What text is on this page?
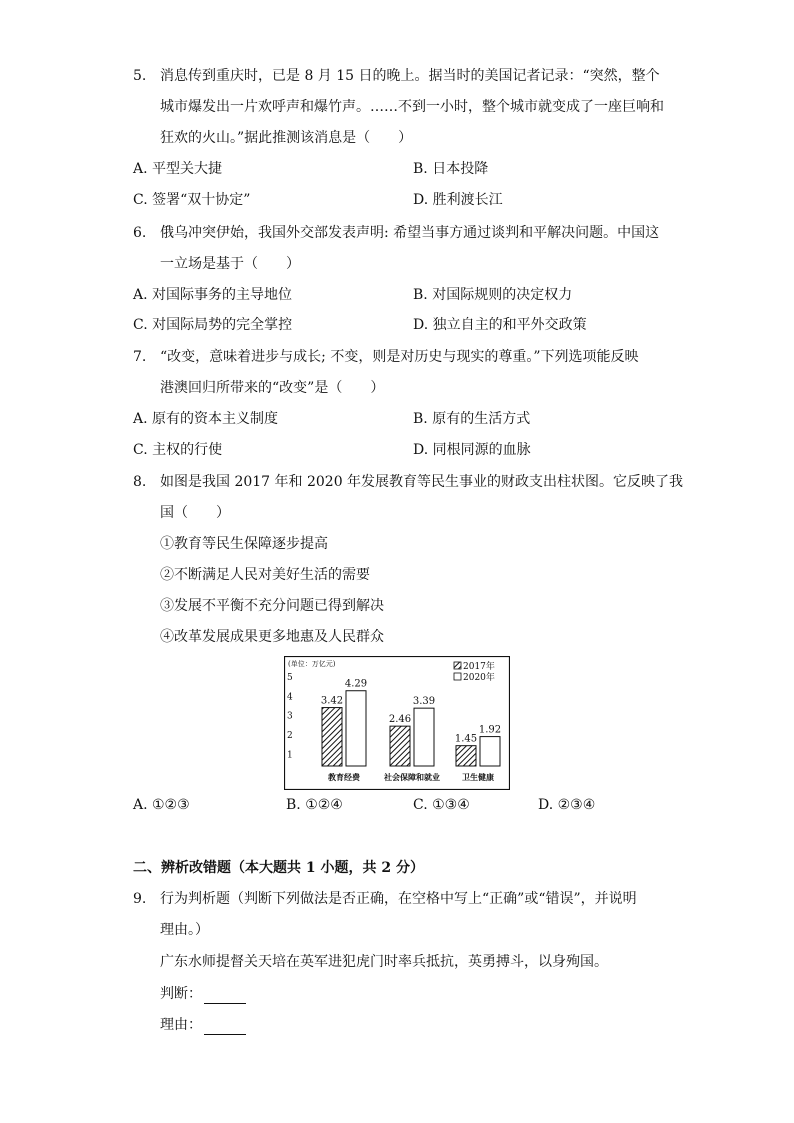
5. 消息传到重庆时，已是 8 月 15 日的晚上。据当时的美国记者记录：“突然，整个
城市爆发出一片欢呼声和爆竹声。……不到一小时，整个城市就变成了一座巨响和
狂欢的火山。”据此推测该消息是（　　）
A. 平型关大捷	B. 日本投降
C. 签署“双十协定”	D. 胜利渡长江
6. 俄乌冲突伊始，我国外交部发表声明: 希望当事方通过谈判和平解决问题。中国这
一立场是基于（　　）
A. 对国际事务的主导地位	B. 对国际规则的决定权力
C. 对国际局势的完全掌控	D. 独立自主的和平外交政策
7. “改变，意味着进步与成长; 不变，则是对历史与现实的尊重。”下列选项能反映
港澳回归所带来的“改变”是（　　）
A. 原有的资本主义制度	B. 原有的生活方式
C. 主权的行使	D. 同根同源的血脉
8. 如图是我国 2017 年和 2020 年发展教育等民生事业的财政支出柱状图。它反映了我
国（　　）
①教育等民生保障逐步提高
②不断满足人民对美好生活的需要
③发展不平衡不充分问题已得到解决
④改革发展成果更多地惠及人民群众
(单位：万亿元)
1
2
3
4
5
2017年
2020年
3.42
4.29
教育经费
2.46
3.39
社会保障和就业
1.45
1.92
卫生健康
A. ①②③	B. ①②④	C. ①③④	D. ②③④
二、辨析改错题（本大题共 1 小题，共 2 分）
9. 行为判析题（判断下列做法是否正确，在空格中写上“正确”或“错误”，并说明
理由。）
广东水师提督关天培在英军进犯虎门时率兵抵抗，英勇搏斗，以身殉国。
判断：
理由：
